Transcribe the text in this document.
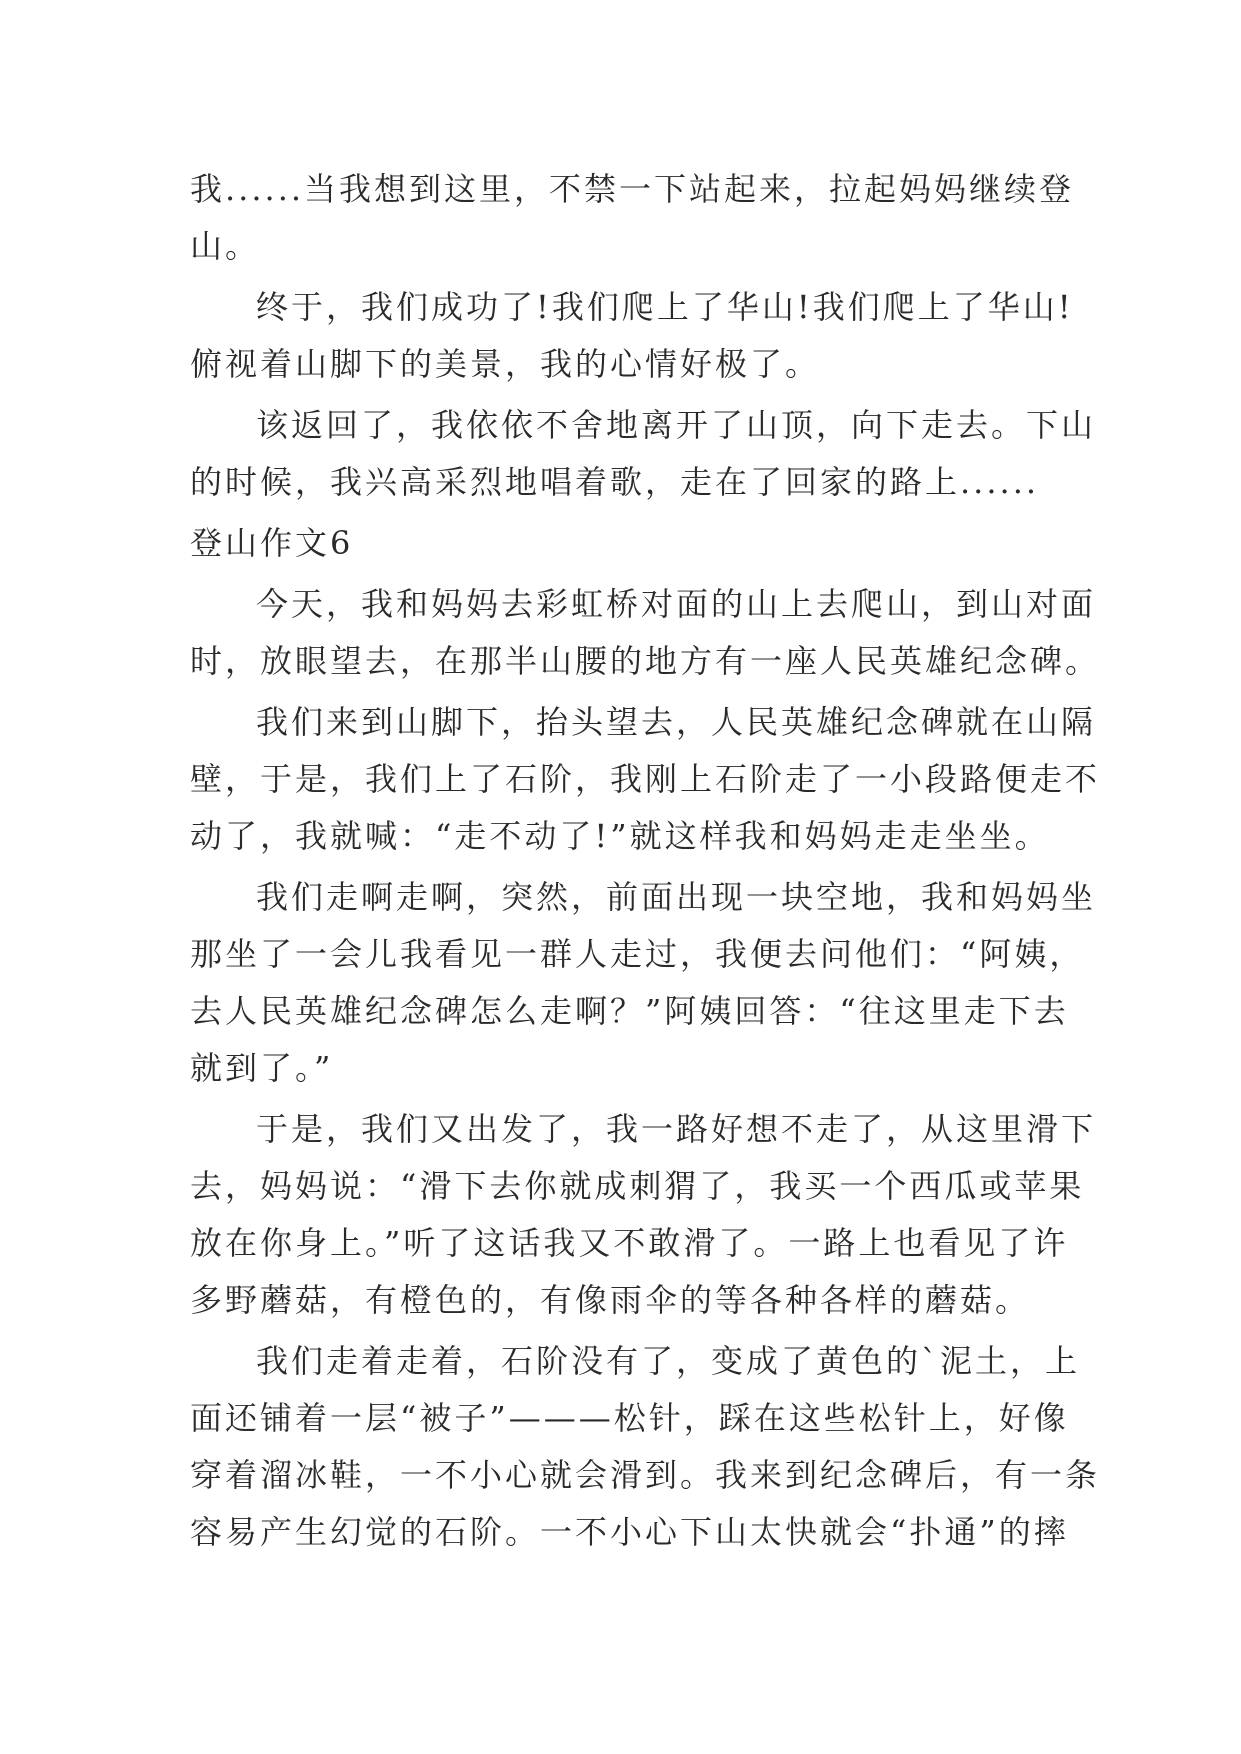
我......当我想到这里，不禁一下站起来，拉起妈妈继续登
山。
终于，我们成功了!我们爬上了华山!我们爬上了华山!
俯视着山脚下的美景，我的心情好极了。
该返回了，我依依不舍地离开了山顶，向下走去。下山
的时候，我兴高采烈地唱着歌，走在了回家的路上......
登山作文6
今天，我和妈妈去彩虹桥对面的山上去爬山，到山对面
时，放眼望去，在那半山腰的地方有一座人民英雄纪念碑。
我们来到山脚下，抬头望去，人民英雄纪念碑就在山隔
壁，于是，我们上了石阶，我刚上石阶走了一小段路便走不
动了，我就喊：“走不动了!”就这样我和妈妈走走坐坐。
我们走啊走啊，突然，前面出现一块空地，我和妈妈坐
那坐了一会儿我看见一群人走过，我便去问他们：“阿姨，
去人民英雄纪念碑怎么走啊？”阿姨回答：“往这里走下去
就到了。”
于是，我们又出发了，我一路好想不走了，从这里滑下
去，妈妈说：“滑下去你就成刺猬了，我买一个西瓜或苹果
放在你身上。”听了这话我又不敢滑了。一路上也看见了许
多野蘑菇，有橙色的，有像雨伞的等各种各样的蘑菇。
我们走着走着，石阶没有了，变成了黄色的`泥土，上
面还铺着一层“被子”———松针，踩在这些松针上，好像
穿着溜冰鞋，一不小心就会滑到。我来到纪念碑后，有一条
容易产生幻觉的石阶。一不小心下山太快就会“扑通”的摔
